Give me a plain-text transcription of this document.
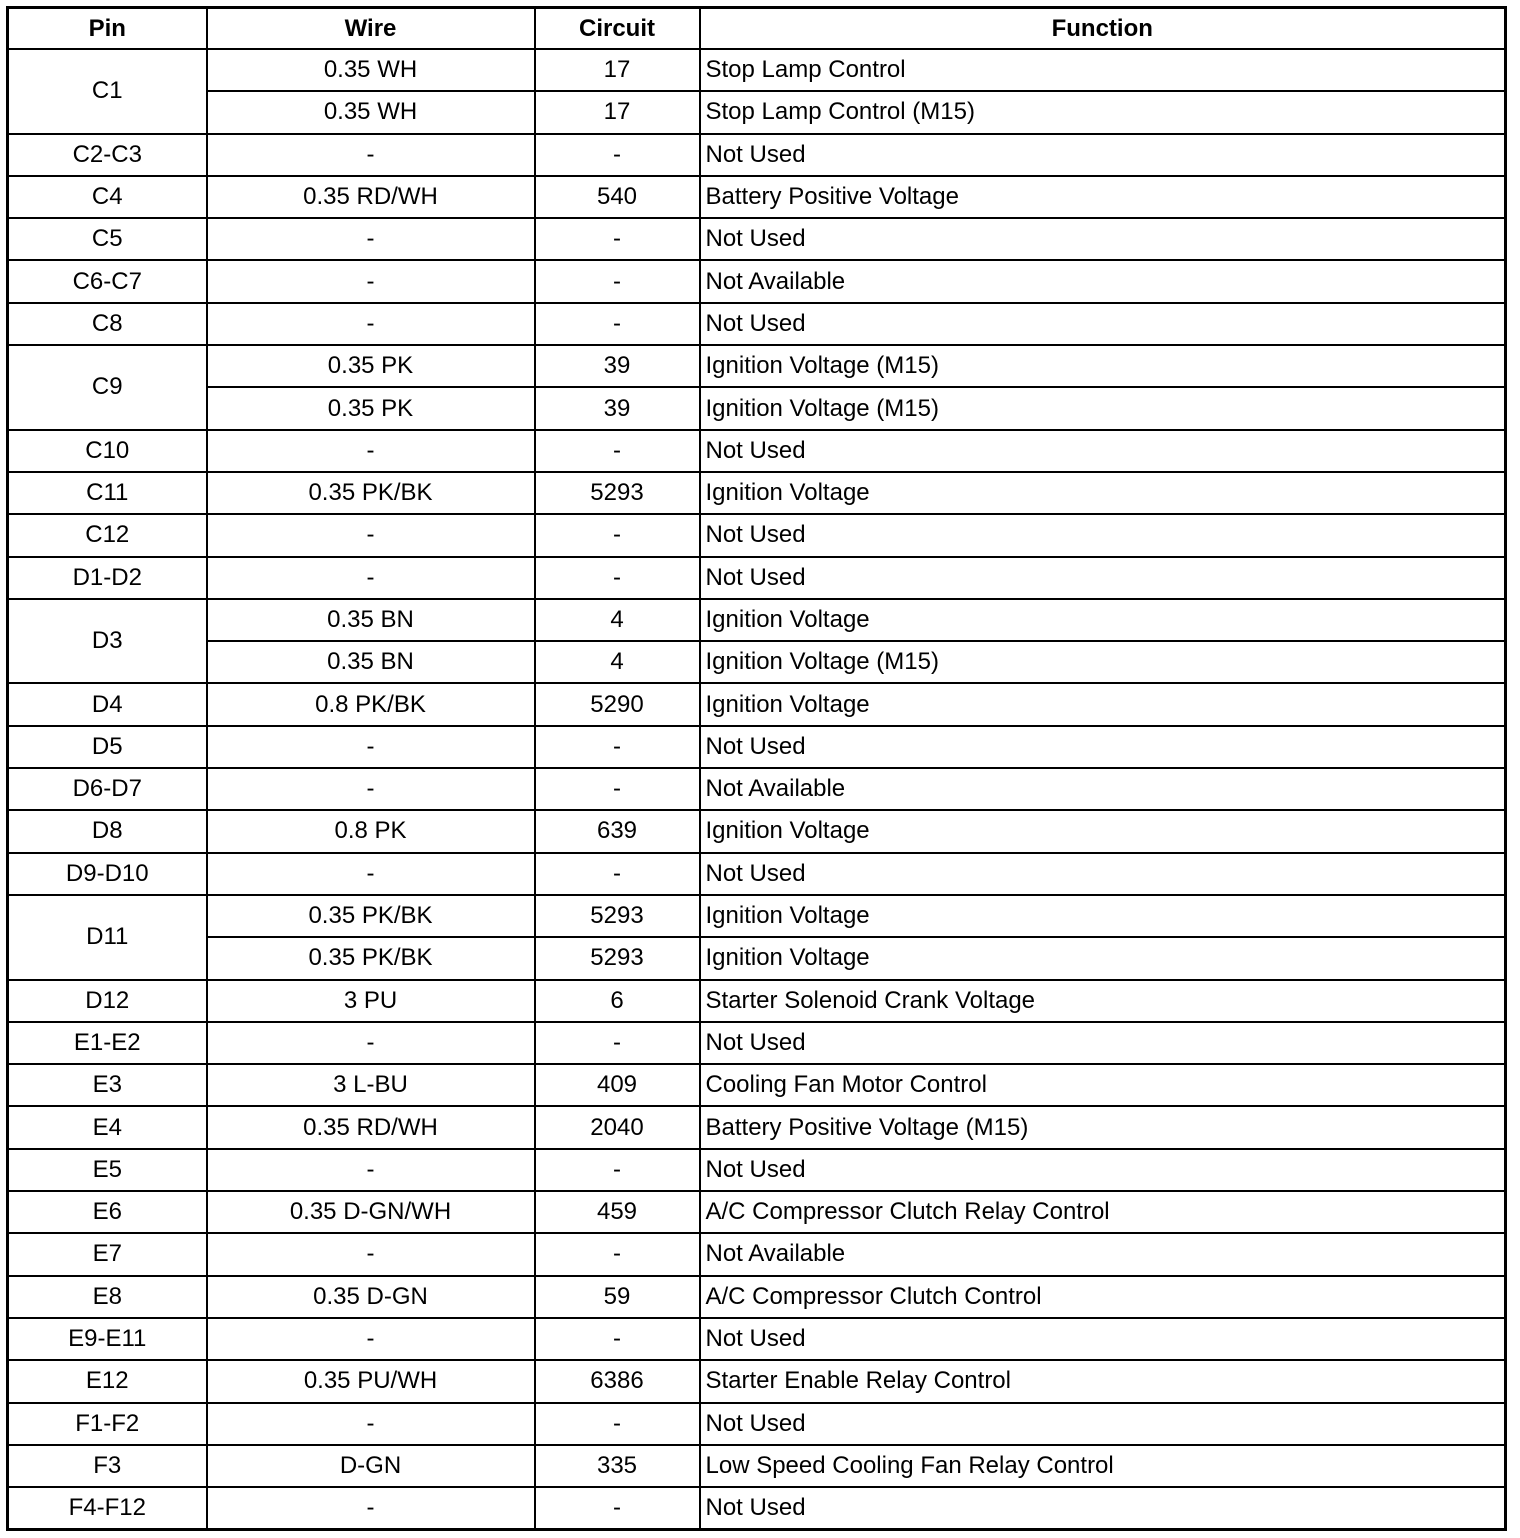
Pin	Wire	Circuit	Function
C1	0.35 WH	17	Stop Lamp Control
	0.35 WH	17	Stop Lamp Control (M15)
C2-C3	-	-	Not Used
C4	0.35 RD/WH	540	Battery Positive Voltage
C5	-	-	Not Used
C6-C7	-	-	Not Available
C8	-	-	Not Used
C9	0.35 PK	39	Ignition Voltage (M15)
	0.35 PK	39	Ignition Voltage (M15)
C10	-	-	Not Used
C11	0.35 PK/BK	5293	Ignition Voltage
C12	-	-	Not Used
D1-D2	-	-	Not Used
D3	0.35 BN	4	Ignition Voltage
	0.35 BN	4	Ignition Voltage (M15)
D4	0.8 PK/BK	5290	Ignition Voltage
D5	-	-	Not Used
D6-D7	-	-	Not Available
D8	0.8 PK	639	Ignition Voltage
D9-D10	-	-	Not Used
D11	0.35 PK/BK	5293	Ignition Voltage
	0.35 PK/BK	5293	Ignition Voltage
D12	3 PU	6	Starter Solenoid Crank Voltage
E1-E2	-	-	Not Used
E3	3 L-BU	409	Cooling Fan Motor Control
E4	0.35 RD/WH	2040	Battery Positive Voltage (M15)
E5	-	-	Not Used
E6	0.35 D-GN/WH	459	A/C Compressor Clutch Relay Control
E7	-	-	Not Available
E8	0.35 D-GN	59	A/C Compressor Clutch Control
E9-E11	-	-	Not Used
E12	0.35 PU/WH	6386	Starter Enable Relay Control
F1-F2	-	-	Not Used
F3	D-GN	335	Low Speed Cooling Fan Relay Control
F4-F12	-	-	Not Used
